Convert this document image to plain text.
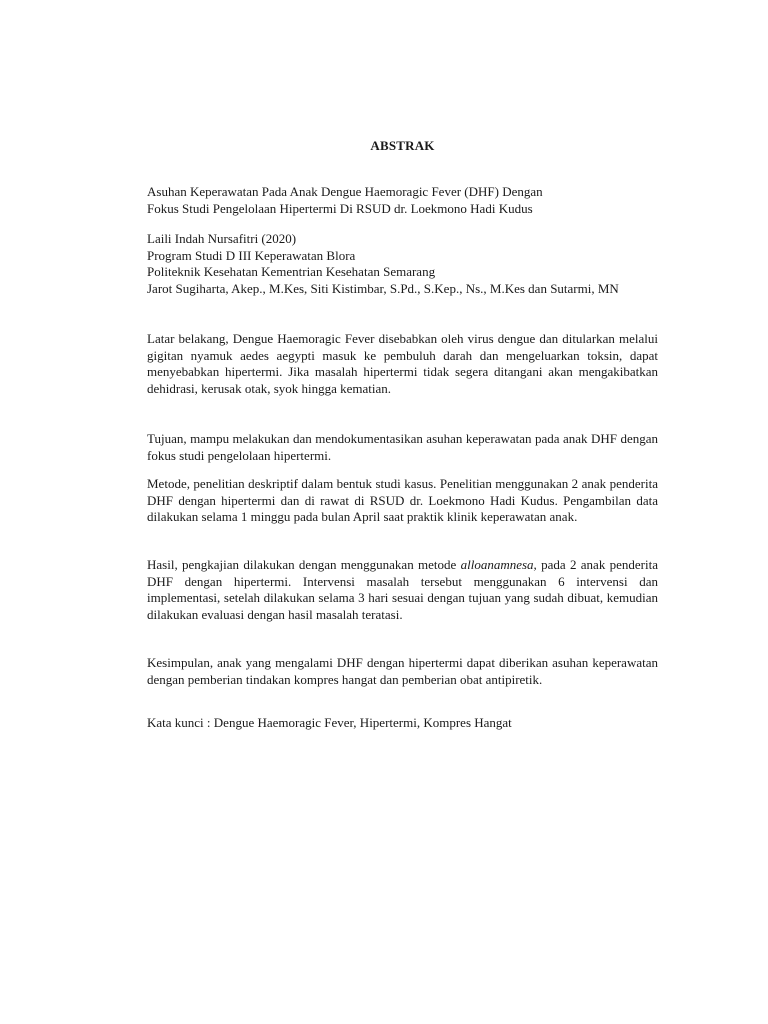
ABSTRAK
Asuhan Keperawatan Pada Anak Dengue Haemoragic Fever (DHF) Dengan
Fokus Studi Pengelolaan Hipertermi Di RSUD dr. Loekmono Hadi Kudus
Laili Indah Nursafitri (2020)
Program Studi D III Keperawatan Blora
Politeknik Kesehatan Kementrian Kesehatan Semarang

Jarot Sugiharta, Akep., M.Kes, Siti Kistimbar, S.Pd., S.Kep., Ns., M.Kes dan Sutarmi, MN

Latar belakang, Dengue Haemoragic Fever disebabkan oleh virus dengue dan ditularkan melalui gigitan nyamuk aedes aegypti masuk ke pembuluh darah dan mengeluarkan toksin, dapat menyebabkan hipertermi. Jika masalah hipertermi tidak segera ditangani akan mengakibatkan dehidrasi, kerusak otak, syok hingga kematian.

Tujuan, mampu melakukan dan mendokumentasikan asuhan keperawatan pada anak DHF dengan fokus studi pengelolaan hipertermi.

Metode, penelitian deskriptif dalam bentuk studi kasus. Penelitian menggunakan 2 anak penderita DHF dengan hipertermi dan di rawat di RSUD dr. Loekmono Hadi Kudus. Pengambilan data dilakukan selama 1 minggu pada bulan April saat praktik klinik keperawatan anak.

Hasil, pengkajian dilakukan dengan menggunakan metode alloanamnesa, pada 2 anak penderita DHF dengan hipertermi. Intervensi masalah tersebut menggunakan 6 intervensi dan implementasi, setelah dilakukan selama 3 hari sesuai dengan tujuan yang sudah dibuat, kemudian dilakukan evaluasi dengan hasil masalah teratasi.

Kesimpulan, anak yang mengalami DHF dengan hipertermi dapat diberikan asuhan keperawatan dengan pemberian tindakan kompres hangat dan pemberian obat antipiretik.

Kata kunci : Dengue Haemoragic Fever, Hipertermi, Kompres Hangat
